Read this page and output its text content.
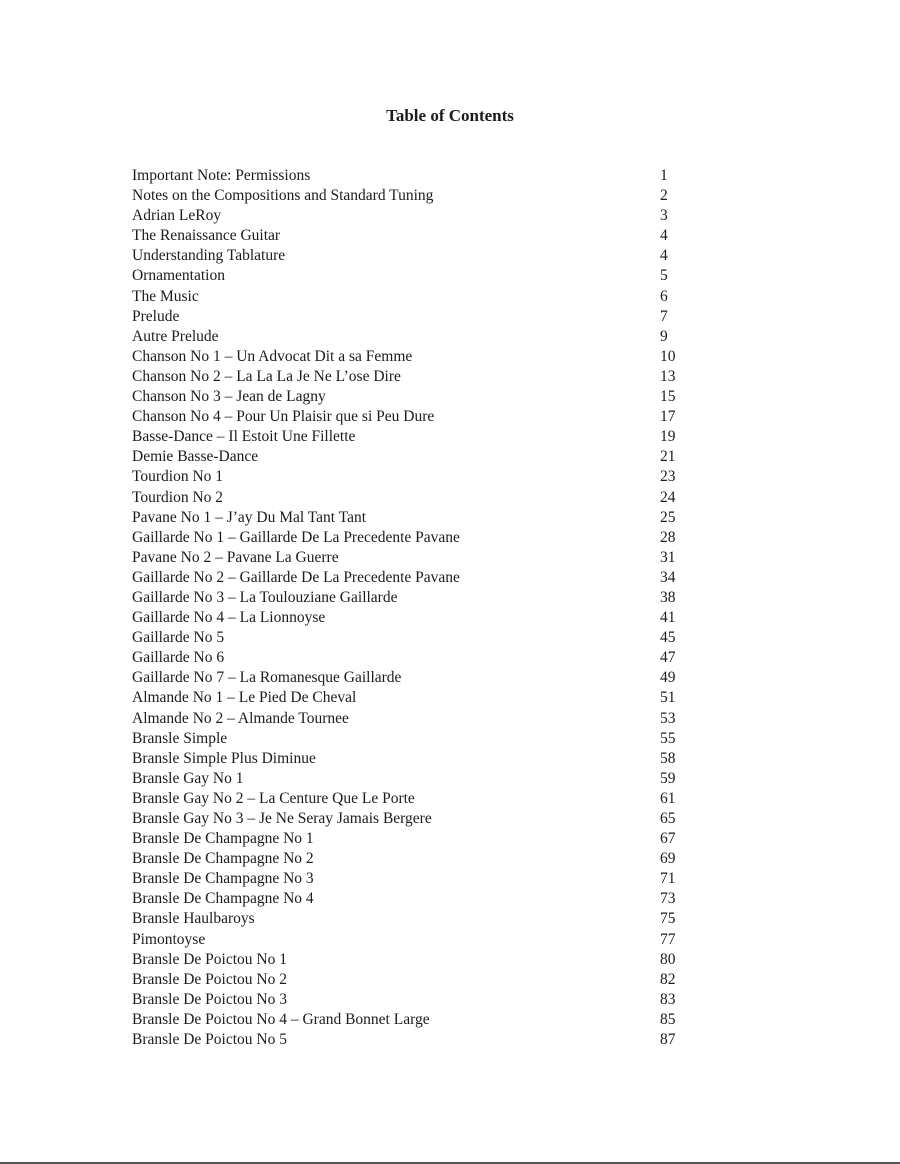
Table of Contents
Important Note: Permissions	1
Notes on the Compositions and Standard Tuning	2
Adrian LeRoy	3
The Renaissance Guitar	4
Understanding Tablature	4
Ornamentation	5
The Music	6
Prelude	7
Autre Prelude	9
Chanson No 1 – Un Advocat Dit a sa Femme	10
Chanson No 2 – La La La Je Ne L’ose Dire	13
Chanson No 3 – Jean de Lagny	15
Chanson No 4 – Pour Un Plaisir que si Peu Dure	17
Basse-Dance – Il Estoit Une Fillette	19
Demie Basse-Dance	21
Tourdion No 1	23
Tourdion No 2	24
Pavane No 1 – J’ay Du Mal Tant Tant	25
Gaillarde No 1 – Gaillarde De La Precedente Pavane	28
Pavane No 2 – Pavane La Guerre	31
Gaillarde No 2 – Gaillarde De La Precedente Pavane	34
Gaillarde No 3 – La Toulouziane Gaillarde	38
Gaillarde No 4 – La Lionnoyse	41
Gaillarde No 5	45
Gaillarde No 6	47
Gaillarde No 7 – La Romanesque Gaillarde	49
Almande No 1 – Le Pied De Cheval	51
Almande No 2 – Almande Tournee	53
Bransle Simple	55
Bransle Simple Plus Diminue	58
Bransle Gay No 1	59
Bransle Gay No 2 – La Centure Que Le Porte	61
Bransle Gay No 3 – Je Ne Seray Jamais Bergere	65
Bransle De Champagne No 1	67
Bransle De Champagne No 2	69
Bransle De Champagne No 3	71
Bransle De Champagne No 4	73
Bransle Haulbaroys	75
Pimontoyse	77
Bransle De Poictou No 1	80
Bransle De Poictou No 2	82
Bransle De Poictou No 3	83
Bransle De Poictou No 4 – Grand Bonnet Large	85
Bransle De Poictou No 5	87
